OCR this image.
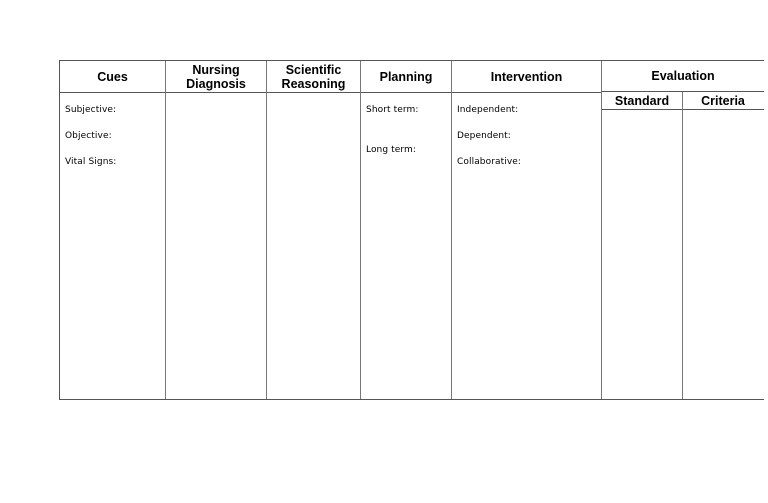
Cues
Subjective:
Objective:
Vital Signs:
Nursing
Diagnosis
Scientific
Reasoning	Planning
Short term:
Long term:
Intervention
Independent:
Dependent:
Collaborative:
Evaluation
Standard	Criteria
